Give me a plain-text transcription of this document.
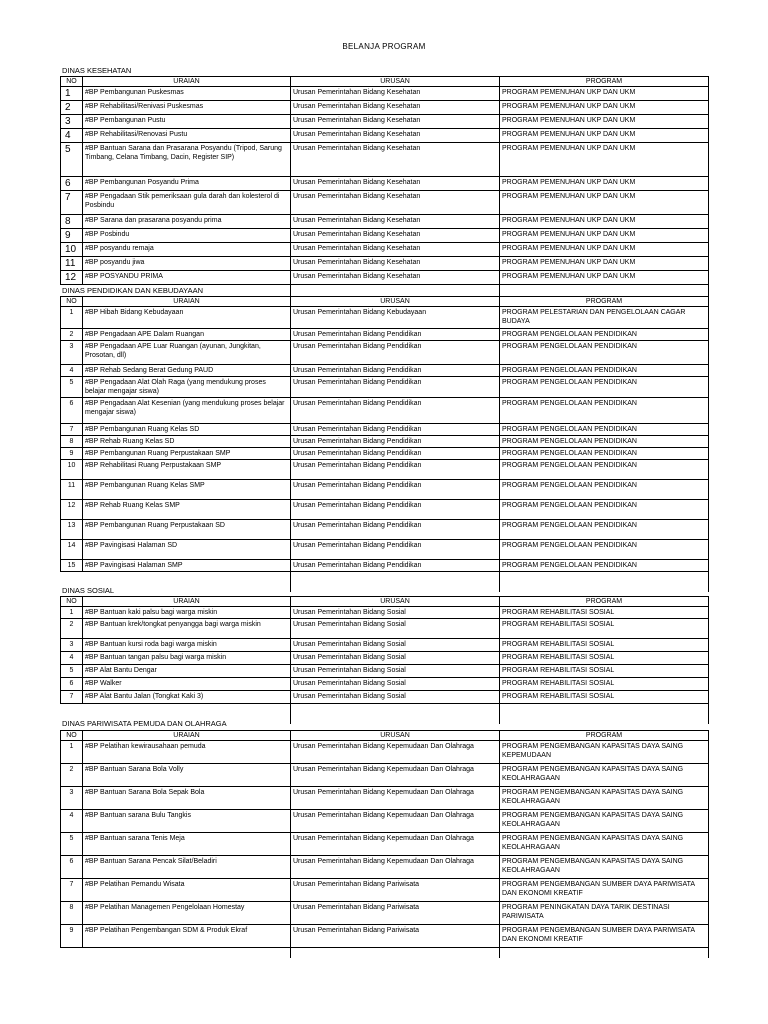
BELANJA PROGRAM
DINAS KESEHATAN
NO	URAIAN	URUSAN	PROGRAM
1	#BP Pembangunan Puskesmas	Urusan Pemerintahan Bidang Kesehatan	PROGRAM PEMENUHAN UKP DAN UKM
2	#BP Rehabilitasi/Renivasi Puskesmas	Urusan Pemerintahan Bidang Kesehatan	PROGRAM PEMENUHAN UKP DAN UKM
3	#BP Pembangunan Pustu	Urusan Pemerintahan Bidang Kesehatan	PROGRAM PEMENUHAN UKP DAN UKM
4	#BP Rehabilitasi/Renovasi Pustu	Urusan Pemerintahan Bidang Kesehatan	PROGRAM PEMENUHAN UKP DAN UKM
5	#BP Bantuan Sarana dan Prasarana Posyandu (Tripod, Sarung Timbang, Celana Timbang, Dacin, Register SIP)	Urusan Pemerintahan Bidang Kesehatan	PROGRAM PEMENUHAN UKP DAN UKM
6	#BP Pembangunan Posyandu Prima	Urusan Pemerintahan Bidang Kesehatan	PROGRAM PEMENUHAN UKP DAN UKM
7	#BP Pengadaan Stik pemeriksaan gula darah dan kolesterol di Posbindu	Urusan Pemerintahan Bidang Kesehatan	PROGRAM PEMENUHAN UKP DAN UKM
8	#BP Sarana dan prasarana posyandu prima	Urusan Pemerintahan Bidang Kesehatan	PROGRAM PEMENUHAN UKP DAN UKM
9	#BP Posbindu	Urusan Pemerintahan Bidang Kesehatan	PROGRAM PEMENUHAN UKP DAN UKM
10	#BP posyandu remaja	Urusan Pemerintahan Bidang Kesehatan	PROGRAM PEMENUHAN UKP DAN UKM
11	#BP posyandu jiwa	Urusan Pemerintahan Bidang Kesehatan	PROGRAM PEMENUHAN UKP DAN UKM
12	#BP POSYANDU PRIMA	Urusan Pemerintahan Bidang Kesehatan	PROGRAM PEMENUHAN UKP DAN UKM

DINAS PENDIDIKAN DAN KEBUDAYAAN
NO	URAIAN	URUSAN	PROGRAM
1	#BP Hibah Bidang Kebudayaan	Urusan Pemerintahan Bidang Kebudayaan	PROGRAM PELESTARIAN DAN PENGELOLAAN CAGAR BUDAYA
2	#BP Pengadaan APE Dalam Ruangan	Urusan Pemerintahan Bidang Pendidikan	PROGRAM PENGELOLAAN PENDIDIKAN
3	#BP Pengadaan APE Luar Ruangan (ayunan, Jungkitan, Prosotan, dll)	Urusan Pemerintahan Bidang Pendidikan	PROGRAM PENGELOLAAN PENDIDIKAN
4	#BP Rehab Sedang Berat Gedung PAUD	Urusan Pemerintahan Bidang Pendidikan	PROGRAM PENGELOLAAN PENDIDIKAN
5	#BP Pengadaan Alat Olah Raga (yang mendukung proses belajar mengajar siswa)	Urusan Pemerintahan Bidang Pendidikan	PROGRAM PENGELOLAAN PENDIDIKAN
6	#BP Pengadaan Alat Kesenian (yang mendukung proses belajar mengajar siswa)	Urusan Pemerintahan Bidang Pendidikan	PROGRAM PENGELOLAAN PENDIDIKAN
7	#BP Pembangunan Ruang Kelas SD	Urusan Pemerintahan Bidang Pendidikan	PROGRAM PENGELOLAAN PENDIDIKAN
8	#BP Rehab Ruang Kelas SD	Urusan Pemerintahan Bidang Pendidikan	PROGRAM PENGELOLAAN PENDIDIKAN
9	#BP Pembangunan Ruang Perpustakaan SMP	Urusan Pemerintahan Bidang Pendidikan	PROGRAM PENGELOLAAN PENDIDIKAN
10	#BP Rehabilitasi Ruang Perpustakaan SMP	Urusan Pemerintahan Bidang Pendidikan	PROGRAM PENGELOLAAN PENDIDIKAN
11	#BP Pembangunan Ruang Kelas SMP	Urusan Pemerintahan Bidang Pendidikan	PROGRAM PENGELOLAAN PENDIDIKAN
12	#BP Rehab Ruang Kelas SMP	Urusan Pemerintahan Bidang Pendidikan	PROGRAM PENGELOLAAN PENDIDIKAN
13	#BP Pembangunan Ruang Perpustakaan SD	Urusan Pemerintahan Bidang Pendidikan	PROGRAM PENGELOLAAN PENDIDIKAN
14	#BP Pavingisasi Halaman SD	Urusan Pemerintahan Bidang Pendidikan	PROGRAM PENGELOLAAN PENDIDIKAN
15	#BP Pavingisasi Halaman SMP	Urusan Pemerintahan Bidang Pendidikan	PROGRAM PENGELOLAAN PENDIDIKAN

DINAS SOSIAL
NO	URAIAN	URUSAN	PROGRAM
1	#BP Bantuan kaki palsu bagi warga miskin	Urusan Pemerintahan Bidang Sosial	PROGRAM REHABILITASI SOSIAL
2	#BP Bantuan krek/tongkat penyangga bagi warga miskin	Urusan Pemerintahan Bidang Sosial	PROGRAM REHABILITASI SOSIAL
3	#BP Bantuan kursi roda bagi warga miskin	Urusan Pemerintahan Bidang Sosial	PROGRAM REHABILITASI SOSIAL
4	#BP Bantuan tangan palsu bagi warga miskin	Urusan Pemerintahan Bidang Sosial	PROGRAM REHABILITASI SOSIAL
5	#BP Alat Bantu Dengar	Urusan Pemerintahan Bidang Sosial	PROGRAM REHABILITASI SOSIAL
6	#BP Walker	Urusan Pemerintahan Bidang Sosial	PROGRAM REHABILITASI SOSIAL
7	#BP Alat Bantu Jalan (Tongkat Kaki 3)	Urusan Pemerintahan Bidang Sosial	PROGRAM REHABILITASI SOSIAL

DINAS PARIWISATA PEMUDA DAN OLAHRAGA
NO	URAIAN	URUSAN	PROGRAM
1	#BP Pelatihan kewirausahaan pemuda	Urusan Pemerintahan Bidang Kepemudaan Dan Olahraga	PROGRAM PENGEMBANGAN KAPASITAS DAYA SAING KEPEMUDAAN
2	#BP Bantuan Sarana Bola Volly	Urusan Pemerintahan Bidang Kepemudaan Dan Olahraga	PROGRAM PENGEMBANGAN KAPASITAS DAYA SAING KEOLAHRAGAAN
3	#BP Bantuan Sarana Bola Sepak Bola	Urusan Pemerintahan Bidang Kepemudaan Dan Olahraga	PROGRAM PENGEMBANGAN KAPASITAS DAYA SAING KEOLAHRAGAAN
4	#BP Bantuan sarana Bulu Tangkis	Urusan Pemerintahan Bidang Kepemudaan Dan Olahraga	PROGRAM PENGEMBANGAN KAPASITAS DAYA SAING KEOLAHRAGAAN
5	#BP Bantuan sarana Tenis Meja	Urusan Pemerintahan Bidang Kepemudaan Dan Olahraga	PROGRAM PENGEMBANGAN KAPASITAS DAYA SAING KEOLAHRAGAAN
6	#BP Bantuan Sarana Pencak Silat/Beladiri	Urusan Pemerintahan Bidang Kepemudaan Dan Olahraga	PROGRAM PENGEMBANGAN KAPASITAS DAYA SAING KEOLAHRAGAAN
7	#BP Pelatihan Pemandu Wisata	Urusan Pemerintahan Bidang Pariwisata	PROGRAM PENGEMBANGAN SUMBER DAYA PARIWISATA DAN EKONOMI KREATIF
8	#BP Pelatihan Managemen Pengelolaan Homestay	Urusan Pemerintahan Bidang Pariwisata	PROGRAM PENINGKATAN DAYA TARIK DESTINASI PARIWISATA
9	#BP Pelatihan Pengembangan SDM & Produk Ekraf	Urusan Pemerintahan Bidang Pariwisata	PROGRAM PENGEMBANGAN SUMBER DAYA PARIWISATA DAN EKONOMI KREATIF
